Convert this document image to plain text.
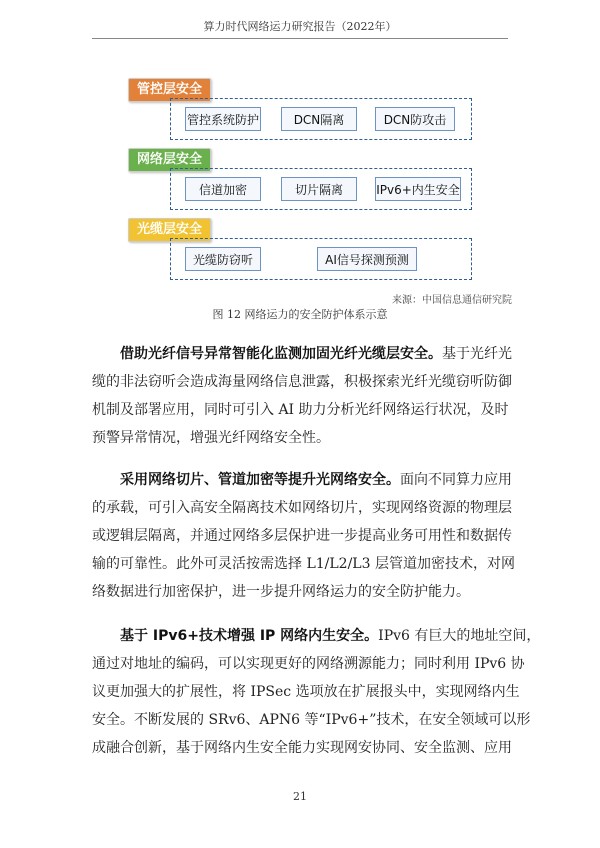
算力时代网络运力研究报告（2022年）
管控层安全
管控系统防护	DCN隔离	DCN防攻击
网络层安全
信道加密	切片隔离	IPv6+内生安全
光缆层安全
光缆防窃听	AI信号探测预测
来源：中国信息通信研究院
图 12 网络运力的安全防护体系示意
借助光纤信号异常智能化监测加固光纤光缆层安全。基于光纤光
缆的非法窃听会造成海量网络信息泄露，积极探索光纤光缆窃听防御
机制及部署应用，同时可引入 AI 助力分析光纤网络运行状况，及时
预警异常情况，增强光纤网络安全性。
采用网络切片、管道加密等提升光网络安全。面向不同算力应用
的承载，可引入高安全隔离技术如网络切片，实现网络资源的物理层
或逻辑层隔离，并通过网络多层保护进一步提高业务可用性和数据传
输的可靠性。此外可灵活按需选择 L1/L2/L3 层管道加密技术，对网
络数据进行加密保护，进一步提升网络运力的安全防护能力。
基于 IPv6+技术增强 IP 网络内生安全。IPv6 有巨大的地址空间，
通过对地址的编码，可以实现更好的网络溯源能力；同时利用 IPv6 协
议更加强大的扩展性，将 IPSec 选项放在扩展报头中，实现网络内生
安全。不断发展的 SRv6、APN6 等“IPv6+”技术，在安全领域可以形
成融合创新，基于网络内生安全能力实现网安协同、安全监测、应用
21
